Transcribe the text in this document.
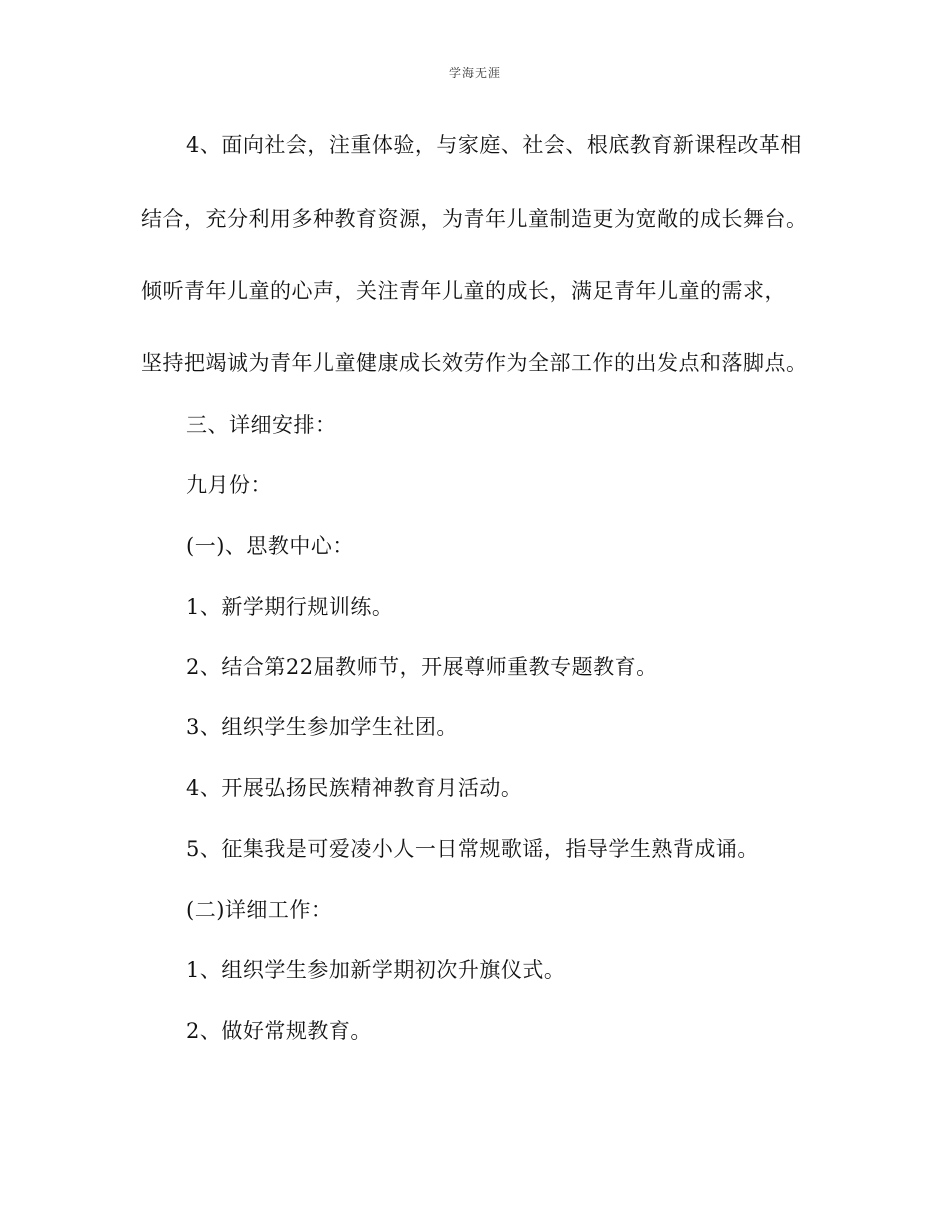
学海无涯
4、面向社会，注重体验，与家庭、社会、根底教育新课程改革相
结合，充分利用多种教育资源，为青年儿童制造更为宽敞的成长舞台。
倾听青年儿童的心声，关注青年儿童的成长，满足青年儿童的需求，
坚持把竭诚为青年儿童健康成长效劳作为全部工作的出发点和落脚点。
三、详细安排：
九月份：
(一)、思教中心：
1、新学期行规训练。
2、结合第22届教师节，开展尊师重教专题教育。
3、组织学生参加学生社团。
4、开展弘扬民族精神教育月活动。
5、征集我是可爱凌小人一日常规歌谣，指导学生熟背成诵。
(二)详细工作：
1、组织学生参加新学期初次升旗仪式。
2、做好常规教育。
